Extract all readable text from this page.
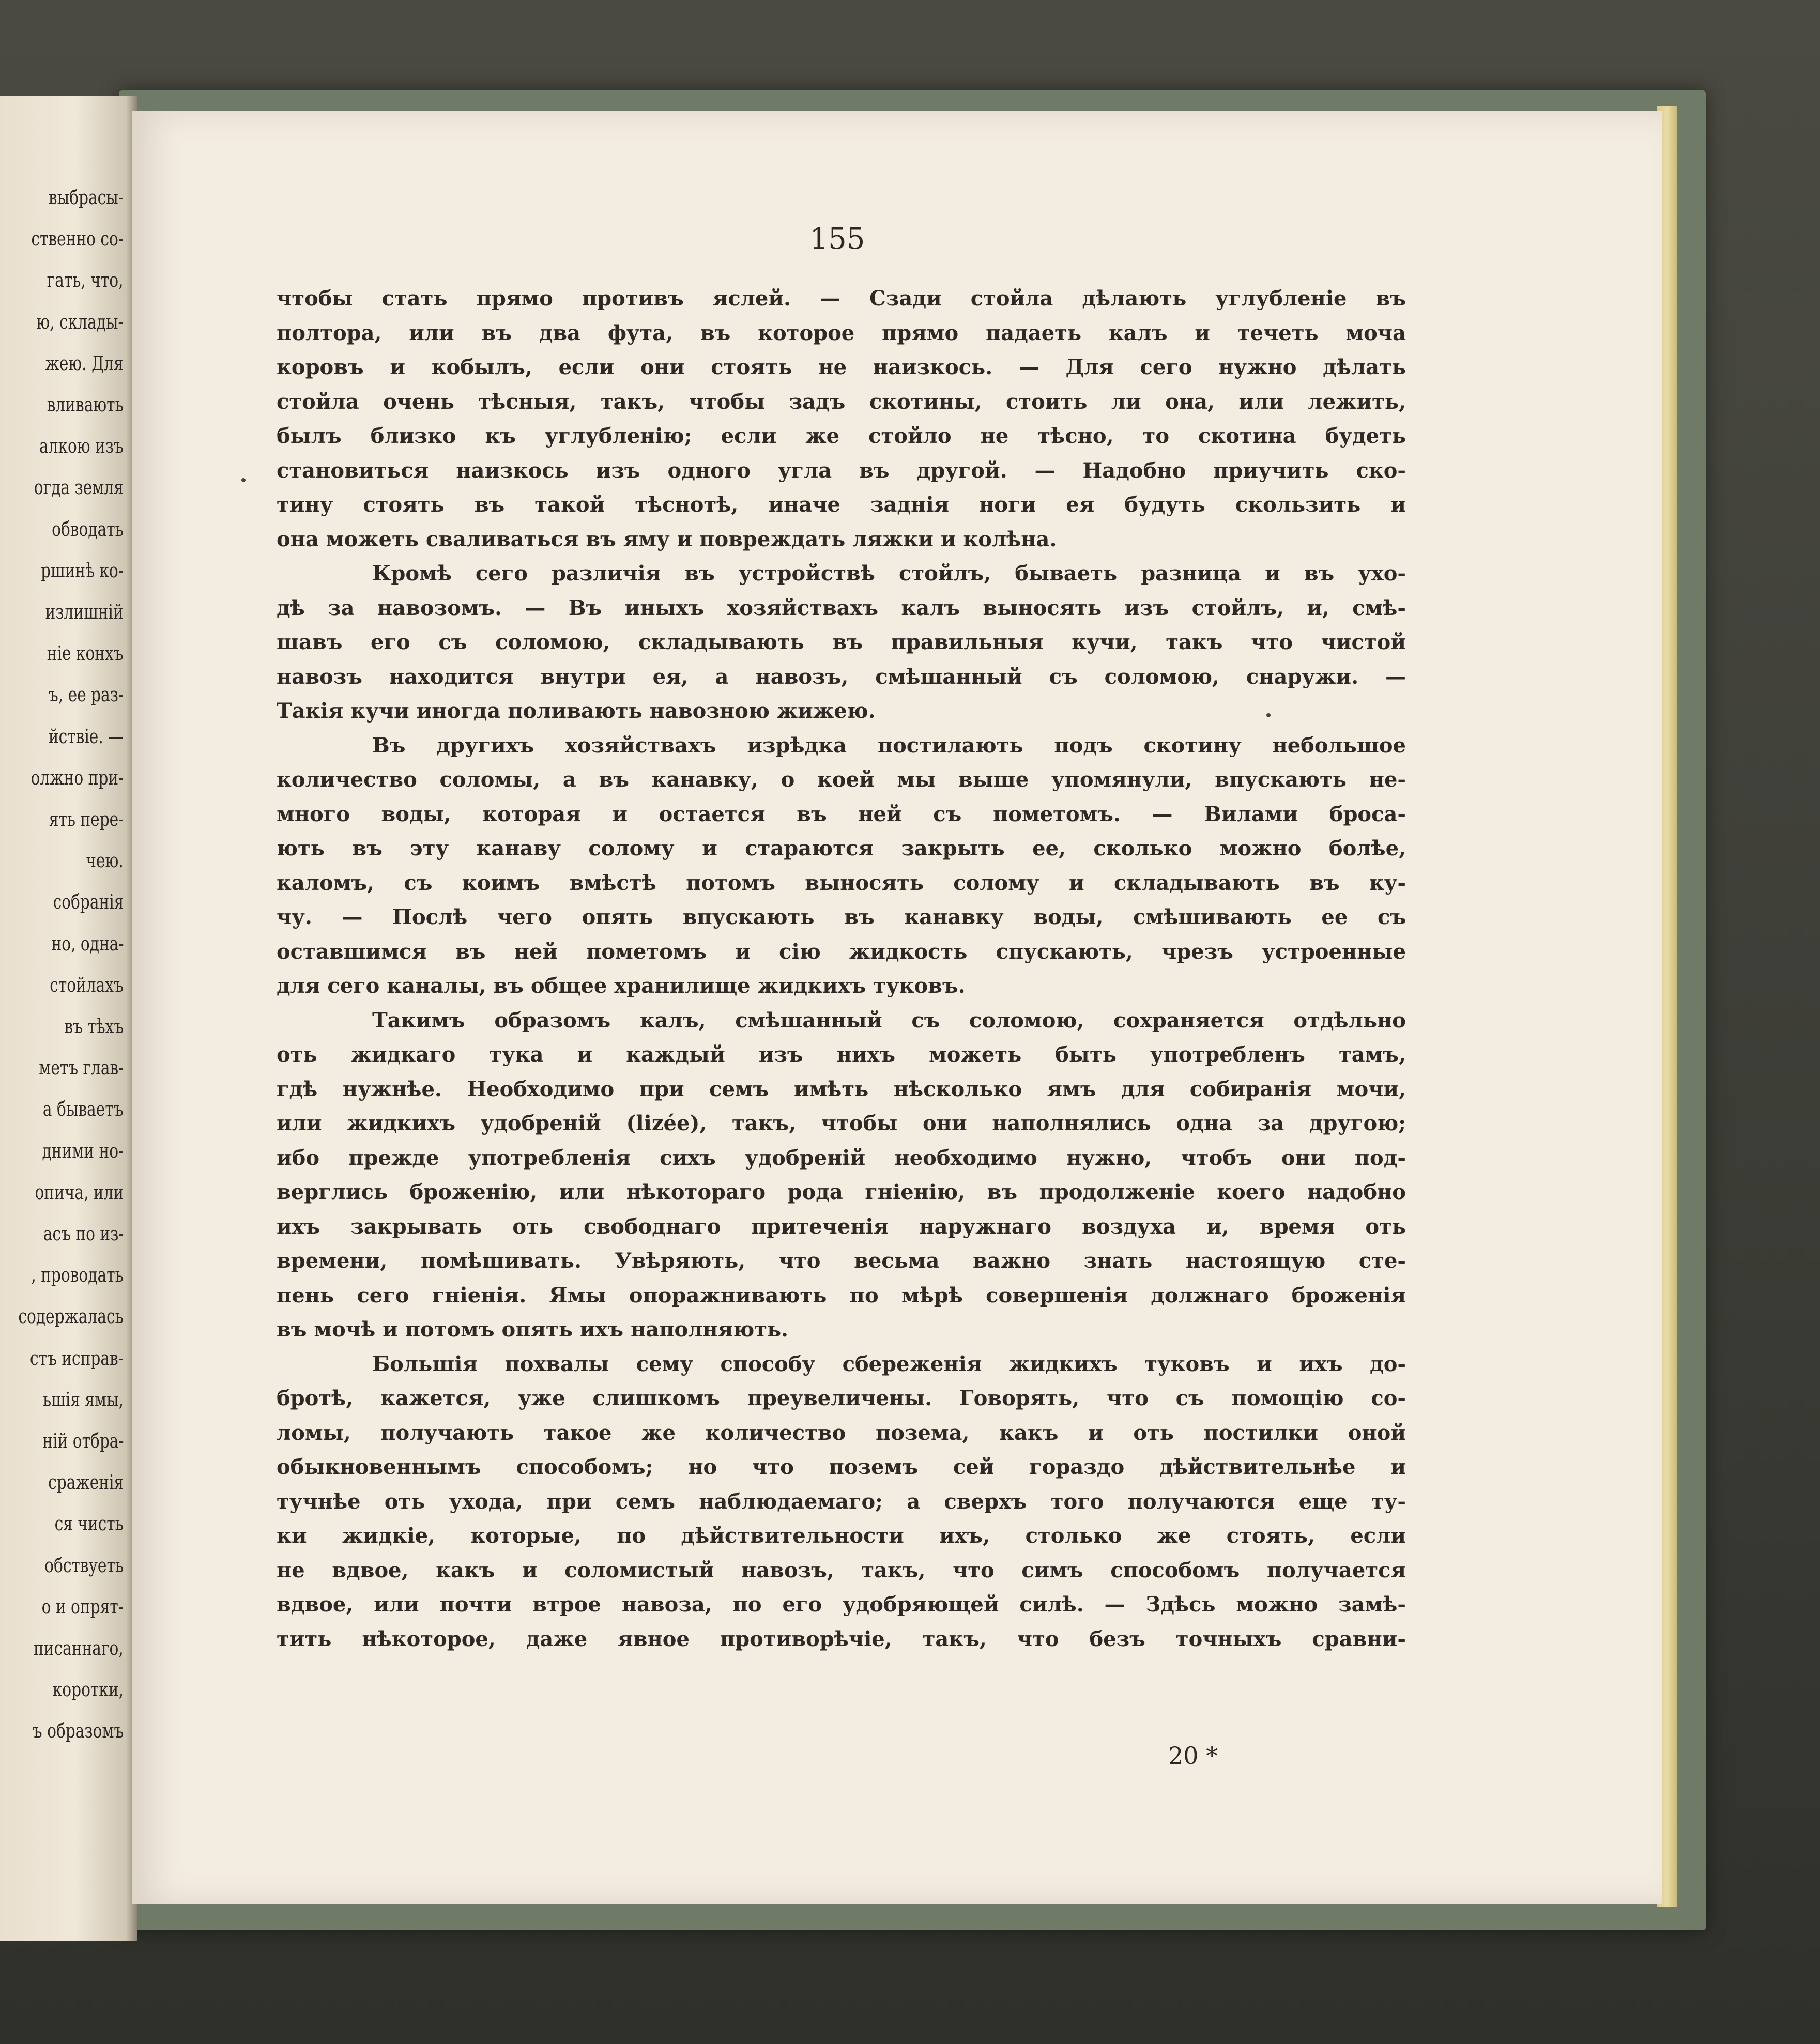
выбрасы-
ственно со-
гать, что,
ю, склады-
жею. Для
вливають
алкою изъ
огда земля
обводать
ршинѣ ко-
излишній
ніе конхъ
ъ, ее раз-
йствіе. —
олжно при-
ять пере-
чею.
собранія
но, одна-
стойлахъ
въ тѣхъ
метъ глав-
а бываетъ
дними но-
опича, или
асъ по из-
, проводать
содержалась
стъ исправ-
ьшія ямы,
ній отбра-
сраженія
ся чисть
обствуеть
о и опрят-
писаннаго,
коротки,
ъ образомъ
155
чтобы стать прямо противъ яслей. — Сзади стойла дѣлають углубленіе въ
полтора, или въ два фута, въ которое прямо падаеть калъ и течеть моча
коровъ и кобылъ, если они стоять не наизкось. — Для сего нужно дѣлать
стойла очень тѣсныя, такъ, чтобы задъ скотины, стоить ли она, или лежить,
былъ близко къ углубленію; если же стойло не тѣсно, то скотина будеть
становиться наизкось изъ одного угла въ другой. — Надобно приучить ско-
тину стоять въ такой тѣснотѣ, иначе заднія ноги ея будуть скользить и
она можеть сваливаться въ яму и повреждать ляжки и колѣна.
Кромѣ сего различія въ устройствѣ стойлъ, бываеть разница и въ ухо-
дѣ за навозомъ. — Въ иныхъ хозяйствахъ калъ выносять изъ стойлъ, и, смѣ-
шавъ его съ соломою, складывають въ правильныя кучи, такъ что чистой
навозъ находится внутри ея, а навозъ, смѣшанный съ соломою, снаружи. —
Такія кучи иногда поливають навозною жижею.
Въ другихъ хозяйствахъ изрѣдка постилають подъ скотину небольшое
количество соломы, а въ канавку, о коей мы выше упомянули, впускають не-
много воды, которая и остается въ ней съ пометомъ. — Вилами броса-
ють въ эту канаву солому и стараются закрыть ее, сколько можно болѣе,
каломъ, съ коимъ вмѣстѣ потомъ выносять солому и складывають въ ку-
чу. — Послѣ чего опять впускають въ канавку воды, смѣшивають ее съ
оставшимся въ ней пометомъ и сію жидкость спускають, чрезъ устроенные
для сего каналы, въ общее хранилище жидкихъ туковъ.
Такимъ образомъ калъ, смѣшанный съ соломою, сохраняется отдѣльно
оть жидкаго тука и каждый изъ нихъ можеть быть употребленъ тамъ,
гдѣ нужнѣе. Необходимо при семъ имѣть нѣсколько ямъ для собиранія мочи,
или жидкихъ удобреній (lizée), такъ, чтобы они наполнялись одна за другою;
ибо прежде употребленія сихъ удобреній необходимо нужно, чтобъ они под-
верглись броженію, или нѣкотораго рода гніенію, въ продолженіе коего надобно
ихъ закрывать оть свободнаго притеченія наружнаго воздуха и, время оть
времени, помѣшивать. Увѣряють, что весьма важно знать настоящую сте-
пень сего гніенія. Ямы опоражнивають по мѣрѣ совершенія должнаго броженія
въ мочѣ и потомъ опять ихъ наполняють.
Большія похвалы сему способу сбереженія жидкихъ туковъ и ихъ до-
бротѣ, кажется, уже слишкомъ преувеличены. Говорять, что съ помощію со-
ломы, получають такое же количество позема, какъ и оть постилки оной
обыкновеннымъ способомъ; но что поземъ сей гораздо дѣйствительнѣе и
тучнѣе оть ухода, при семъ наблюдаемаго; а сверхъ того получаются еще ту-
ки жидкіе, которые, по дѣйствительности ихъ, столько же стоять, если
не вдвое, какъ и соломистый навозъ, такъ, что симъ способомъ получается
вдвое, или почти втрое навоза, по его удобряющей силѣ. — Здѣсь можно замѣ-
тить нѣкоторое, даже явное противорѣчіе, такъ, что безъ точныхъ сравни-
20 *
